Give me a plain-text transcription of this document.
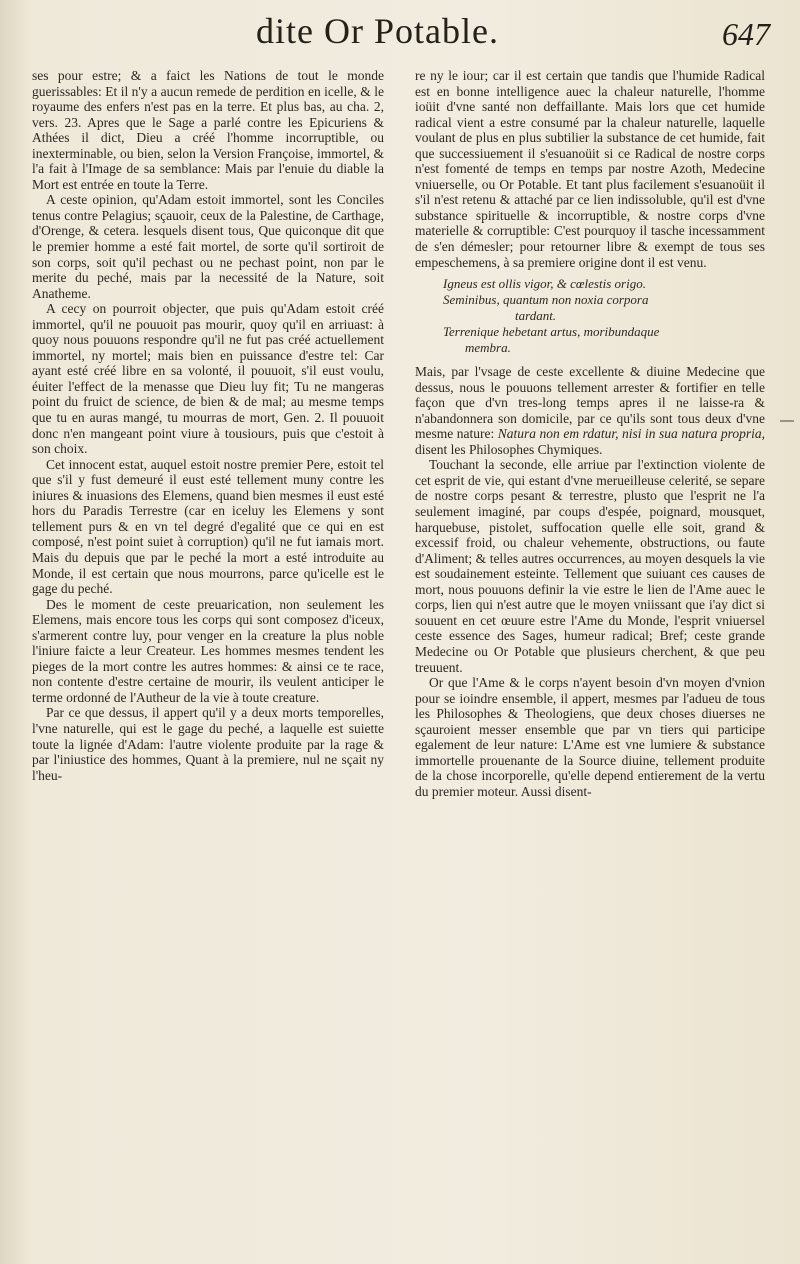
dite Or Potable.	647

ses pour estre; & a faict les Nations de tout le monde guerissables: Et il n'y a aucun remede de perdition en icelle, & le royaume des enfers n'est pas en la terre. Et plus bas, au cha. 2, vers. 23. Apres que le Sage a parlé contre les Epicuriens & Athées il dict, Dieu a créé l'homme incorruptible, ou inexterminable, ou bien, selon la Version Françoise, immortel, & l'a fait à l'Image de sa semblance: Mais par l'enuie du diable la Mort est entrée en toute la Terre.

A ceste opinion, qu'Adam estoit immortel, sont les Conciles tenus contre Pelagius; sçauoir, ceux de la Palestine, de Carthage, d'Orenge, & cetera. lesquels disent tous, Que quiconque dit que le premier homme a esté fait mortel, de sorte qu'il sortiroit de son corps, soit qu'il pechast ou ne pechast point, non par le merite du peché, mais par la necessité de la Nature, soit Anatheme.

A cecy on pourroit objecter, que puis qu'Adam estoit créé immortel, qu'il ne pouuoit pas mourir, quoy qu'il en arriuast: à quoy nous pouuons respondre qu'il ne fut pas créé actuellement immortel, ny mortel; mais bien en puissance d'estre tel: Car ayant esté créé libre en sa volonté, il pouuoit, s'il eust voulu, éuiter l'effect de la menasse que Dieu luy fit; Tu ne mangeras point du fruict de science, de bien & de mal; au mesme temps que tu en auras mangé, tu mourras de mort, Gen. 2. Il pouuoit donc n'en mangeant point viure à tousiours, puis que c'estoit à son choix.

Cet innocent estat, auquel estoit nostre premier Pere, estoit tel que s'il y fust demeuré il eust esté tellement muny contre les iniures & inuasions des Elemens, quand bien mesmes il eust esté hors du Paradis Terrestre (car en iceluy les Elemens y sont tellement purs & en vn tel degré d'egalité que ce qui en est composé, n'est point suiet à corruption) qu'il ne fut iamais mort. Mais du depuis que par le peché la mort a esté introduite au Monde, il est certain que nous mourrons, parce qu'icelle est le gage du peché.

Des le moment de ceste preuarication, non seulement les Elemens, mais encore tous les corps qui sont composez d'iceux, s'armerent contre luy, pour venger en la creature la plus noble l'iniure faicte a leur Createur. Les hommes mesmes tendent les pieges de la mort contre les autres hommes: & ainsi ce te race, non contente d'estre certaine de mourir, ils veulent anticiper le terme ordonné de l'Autheur de la vie à toute creature.

Par ce que dessus, il appert qu'il y a deux morts temporelles, l'vne naturelle, qui est le gage du peché, a laquelle est suiette toute la lignée d'Adam: l'autre violente produite par la rage & par l'iniustice des hommes, Quant à la premiere, nul ne sçait ny l'heu-

re ny le iour; car il est certain que tandis que l'humide Radical est en bonne intelligence auec la chaleur naturelle, l'homme ioüit d'vne santé non deffaillante. Mais lors que cet humide radical vient a estre consumé par la chaleur naturelle, laquelle voulant de plus en plus subtilier la substance de cet humide, fait que successiuement il s'esuanoüit si ce Radical de nostre corps n'est fomenté de temps en temps par nostre Azoth, Medecine vniuerselle, ou Or Potable. Et tant plus facilement s'esuanoüit il s'il n'est retenu & attaché par ce lien indissoluble, qu'il est d'vne substance spirituelle & incorruptible, & nostre corps d'vne materielle & corruptible: C'est pourquoy il tasche incessamment de s'en démesler; pour retourner libre & exempt de tous ses empeschemens, à sa premiere origine dont il est venu.

Igneus est ollis vigor, & cœlestis origo.
Seminibus, quantum non noxia corpora
tardant.
Terrenique hebetant artus, moribundaque
membra.

Mais, par l'vsage de ceste excellente & diuine Medecine que dessus, nous le pouuons tellement arrester & fortifier en telle façon que d'vn tres-long temps apres il ne laisse-ra & n'abandonnera son domicile, par ce qu'ils sont tous deux d'vne mesme nature: Natura non em rdatur, nisi in sua natura propria, disent les Philosophes Chymiques.

Touchant la seconde, elle arriue par l'extinction violente de cet esprit de vie, qui estant d'vne merueilleuse celerité, se separe de nostre corps pesant & terrestre, plusto que l'esprit ne l'a seulement imaginé, par coups d'espée, poignard, mousquet, harquebuse, pistolet, suffocation quelle elle soit, grand & excessif froid, ou chaleur vehemente, obstructions, ou faute d'Aliment; & telles autres occurrences, au moyen desquels la vie est soudainement esteinte. Tellement que suiuant ces causes de mort, nous pouuons definir la vie estre le lien de l'Ame auec le corps, lien qui n'est autre que le moyen vniissant que i'ay dict si souuent en cet œuure estre l'Ame du Monde, l'esprit vniuersel ceste essence des Sages, humeur radical; Bref; ceste grande Medecine ou Or Potable que plusieurs cherchent, & que peu treuuent.

Or que l'Ame & le corps n'ayent besoin d'vn moyen d'vnion pour se ioindre ensemble, il appert, mesmes par l'adueu de tous les Philosophes & Theologiens, que deux choses diuerses ne sçauroient messer ensemble que par vn tiers qui participe egalement de leur nature: L'Ame est vne lumiere & substance immortelle prouenante de la Source diuine, tellement produite de la chose incorporelle, qu'elle depend entierement de la vertu du premier moteur. Aussi disent-
